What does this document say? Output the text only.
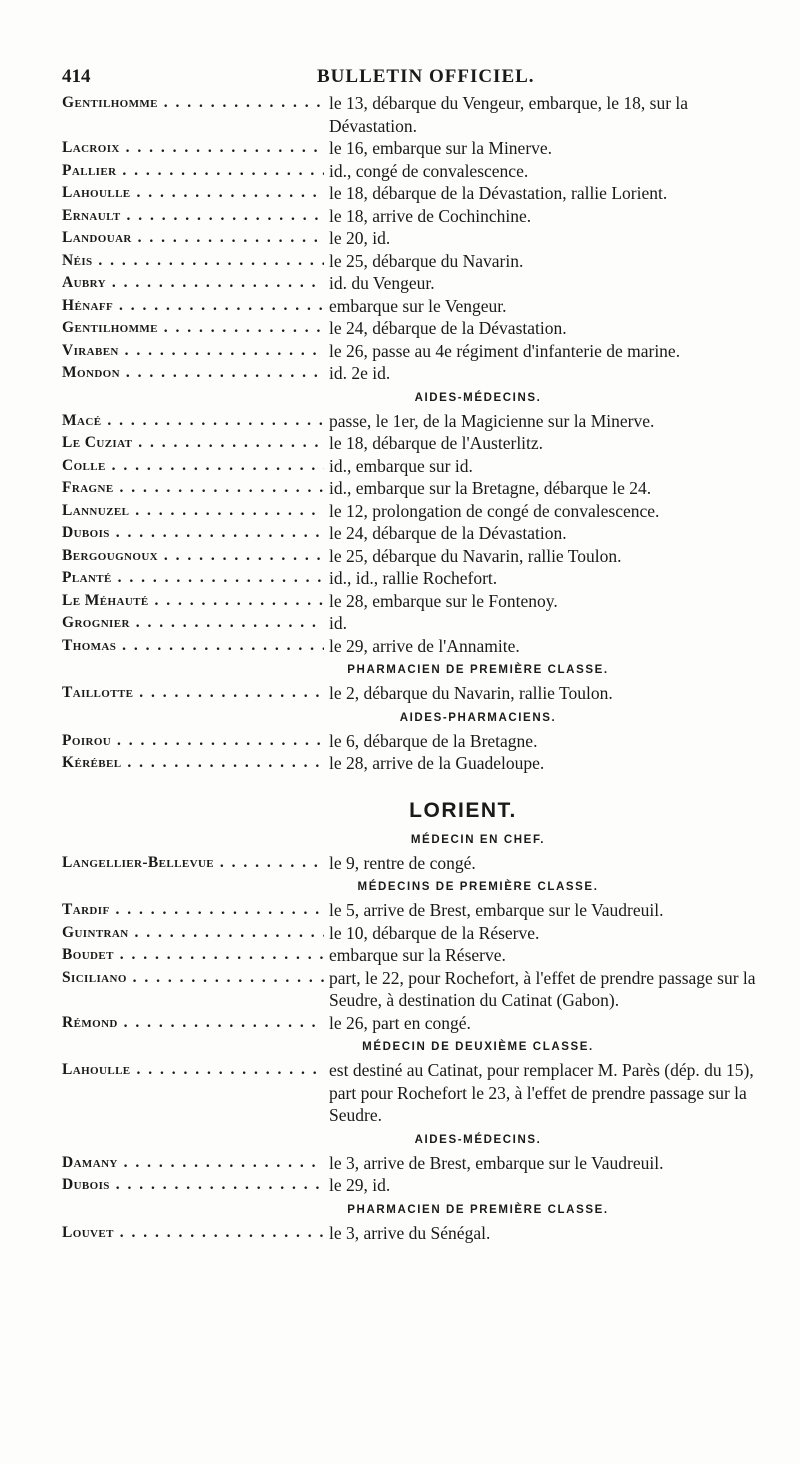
414	BULLETIN OFFICIEL.
Gentilhomme . . .	le 13, débarque du Vengeur, embarque, le 18, sur la Dévastation.
Lacroix . . .	le 16, embarque sur la Minerve.
Pallier . . .	id., congé de convalescence.
Lahoulle . . .	le 18, débarque de la Dévastation, rallie Lorient.
Ernault . . .	le 18, arrive de Cochinchine.
Landouar . . .	le 20, id.
Néis . . .	le 25, débarque du Navarin.
Aubry . . .	id. du Vengeur.
Hénaff . . .	embarque sur le Vengeur.
Gentilhomme . . .	le 24, débarque de la Dévastation.
Viraben . . .	le 26, passe au 4e régiment d'infanterie de marine.
Mondon . . .	id. 2e id.
AIDES-MÉDECINS.
Macé . . .	passe, le 1er, de la Magicienne sur la Minerve.
Le Cuziat . . .	le 18, débarque de l'Austerlitz.
Colle . . .	id., embarque sur id.
Fragne . . .	id., embarque sur la Bretagne, débarque le 24.
Lannuzel . . .	le 12, prolongation de congé de convalescence.
Dubois . . .	le 24, débarque de la Dévastation.
Bergougnoux . . .	le 25, débarque du Navarin, rallie Toulon.
Planté . . .	id., id., rallie Rochefort.
Le Méhauté . . .	le 28, embarque sur le Fontenoy.
Grognier . . .	id.
Thomas . . .	le 29, arrive de l'Annamite.
PHARMACIEN DE PREMIÈRE CLASSE.
Taillotte . . .	le 2, débarque du Navarin, rallie Toulon.
AIDES-PHARMACIENS.
Poirou . . .	le 6, débarque de la Bretagne.
Kérébel . . .	le 28, arrive de la Guadeloupe.
LORIENT.
MÉDECIN EN CHEF.
Langellier-Bellevue . . .	le 9, rentre de congé.
MÉDECINS DE PREMIÈRE CLASSE.
Tardif . . .	le 5, arrive de Brest, embarque sur le Vaudreuil.
Guintran . . .	le 10, débarque de la Réserve.
Boudet . . .	embarque sur la Réserve.
Siciliano . . .	part, le 22, pour Rochefort, à l'effet de prendre passage sur la Seudre, à destination du Catinat (Gabon).
Rémond . . .	le 26, part en congé.
MÉDECIN DE DEUXIÈME CLASSE.
Lahoulle . . .	est destiné au Catinat, pour remplacer M. Parès (dép. du 15), part pour Rochefort le 23, à l'effet de prendre passage sur la Seudre.
AIDES-MÉDECINS.
Damany . . .	le 3, arrive de Brest, embarque sur le Vaudreuil.
Dubois . . .	le 29, id.
PHARMACIEN DE PREMIÈRE CLASSE.
Louvet . . .	le 3, arrive du Sénégal.
